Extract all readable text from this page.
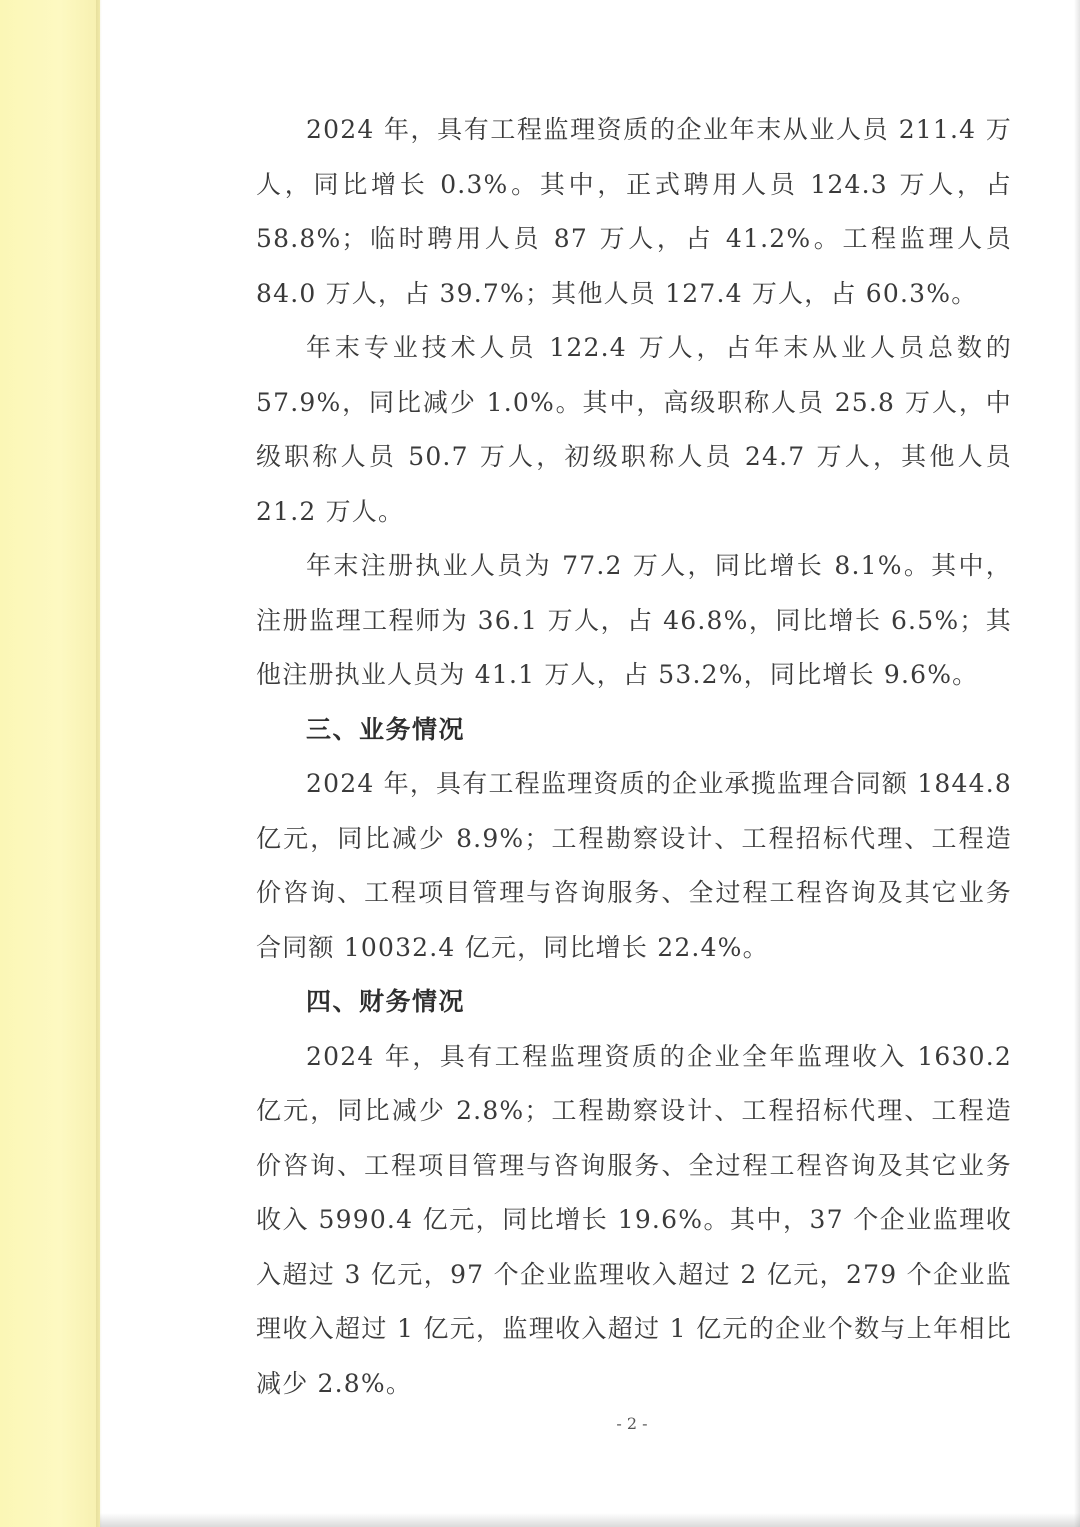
2024 年，具有工程监理资质的企业年末从业人员 211.4 万人，同比增长 0.3%。其中，正式聘用人员 124.3 万人，占 58.8%；临时聘用人员 87 万人，占 41.2%。工程监理人员 84.0 万人，占 39.7%；其他人员 127.4 万人，占 60.3%。

年末专业技术人员 122.4 万人，占年末从业人员总数的 57.9%，同比减少 1.0%。其中，高级职称人员 25.8 万人，中级职称人员 50.7 万人，初级职称人员 24.7 万人，其他人员 21.2 万人。

年末注册执业人员为 77.2 万人，同比增长 8.1%。其中，注册监理工程师为 36.1 万人，占 46.8%，同比增长 6.5%；其他注册执业人员为 41.1 万人，占 53.2%，同比增长 9.6%。

三、业务情况

2024 年，具有工程监理资质的企业承揽监理合同额 1844.8 亿元，同比减少 8.9%；工程勘察设计、工程招标代理、工程造价咨询、工程项目管理与咨询服务、全过程工程咨询及其它业务合同额 10032.4 亿元，同比增长 22.4%。

四、财务情况

2024 年，具有工程监理资质的企业全年监理收入 1630.2 亿元，同比减少 2.8%；工程勘察设计、工程招标代理、工程造价咨询、工程项目管理与咨询服务、全过程工程咨询及其它业务收入 5990.4 亿元，同比增长 19.6%。其中，37 个企业监理收入超过 3 亿元，97 个企业监理收入超过 2 亿元，279 个企业监理收入超过 1 亿元，监理收入超过 1 亿元的企业个数与上年相比减少 2.8%。

- 2 -
